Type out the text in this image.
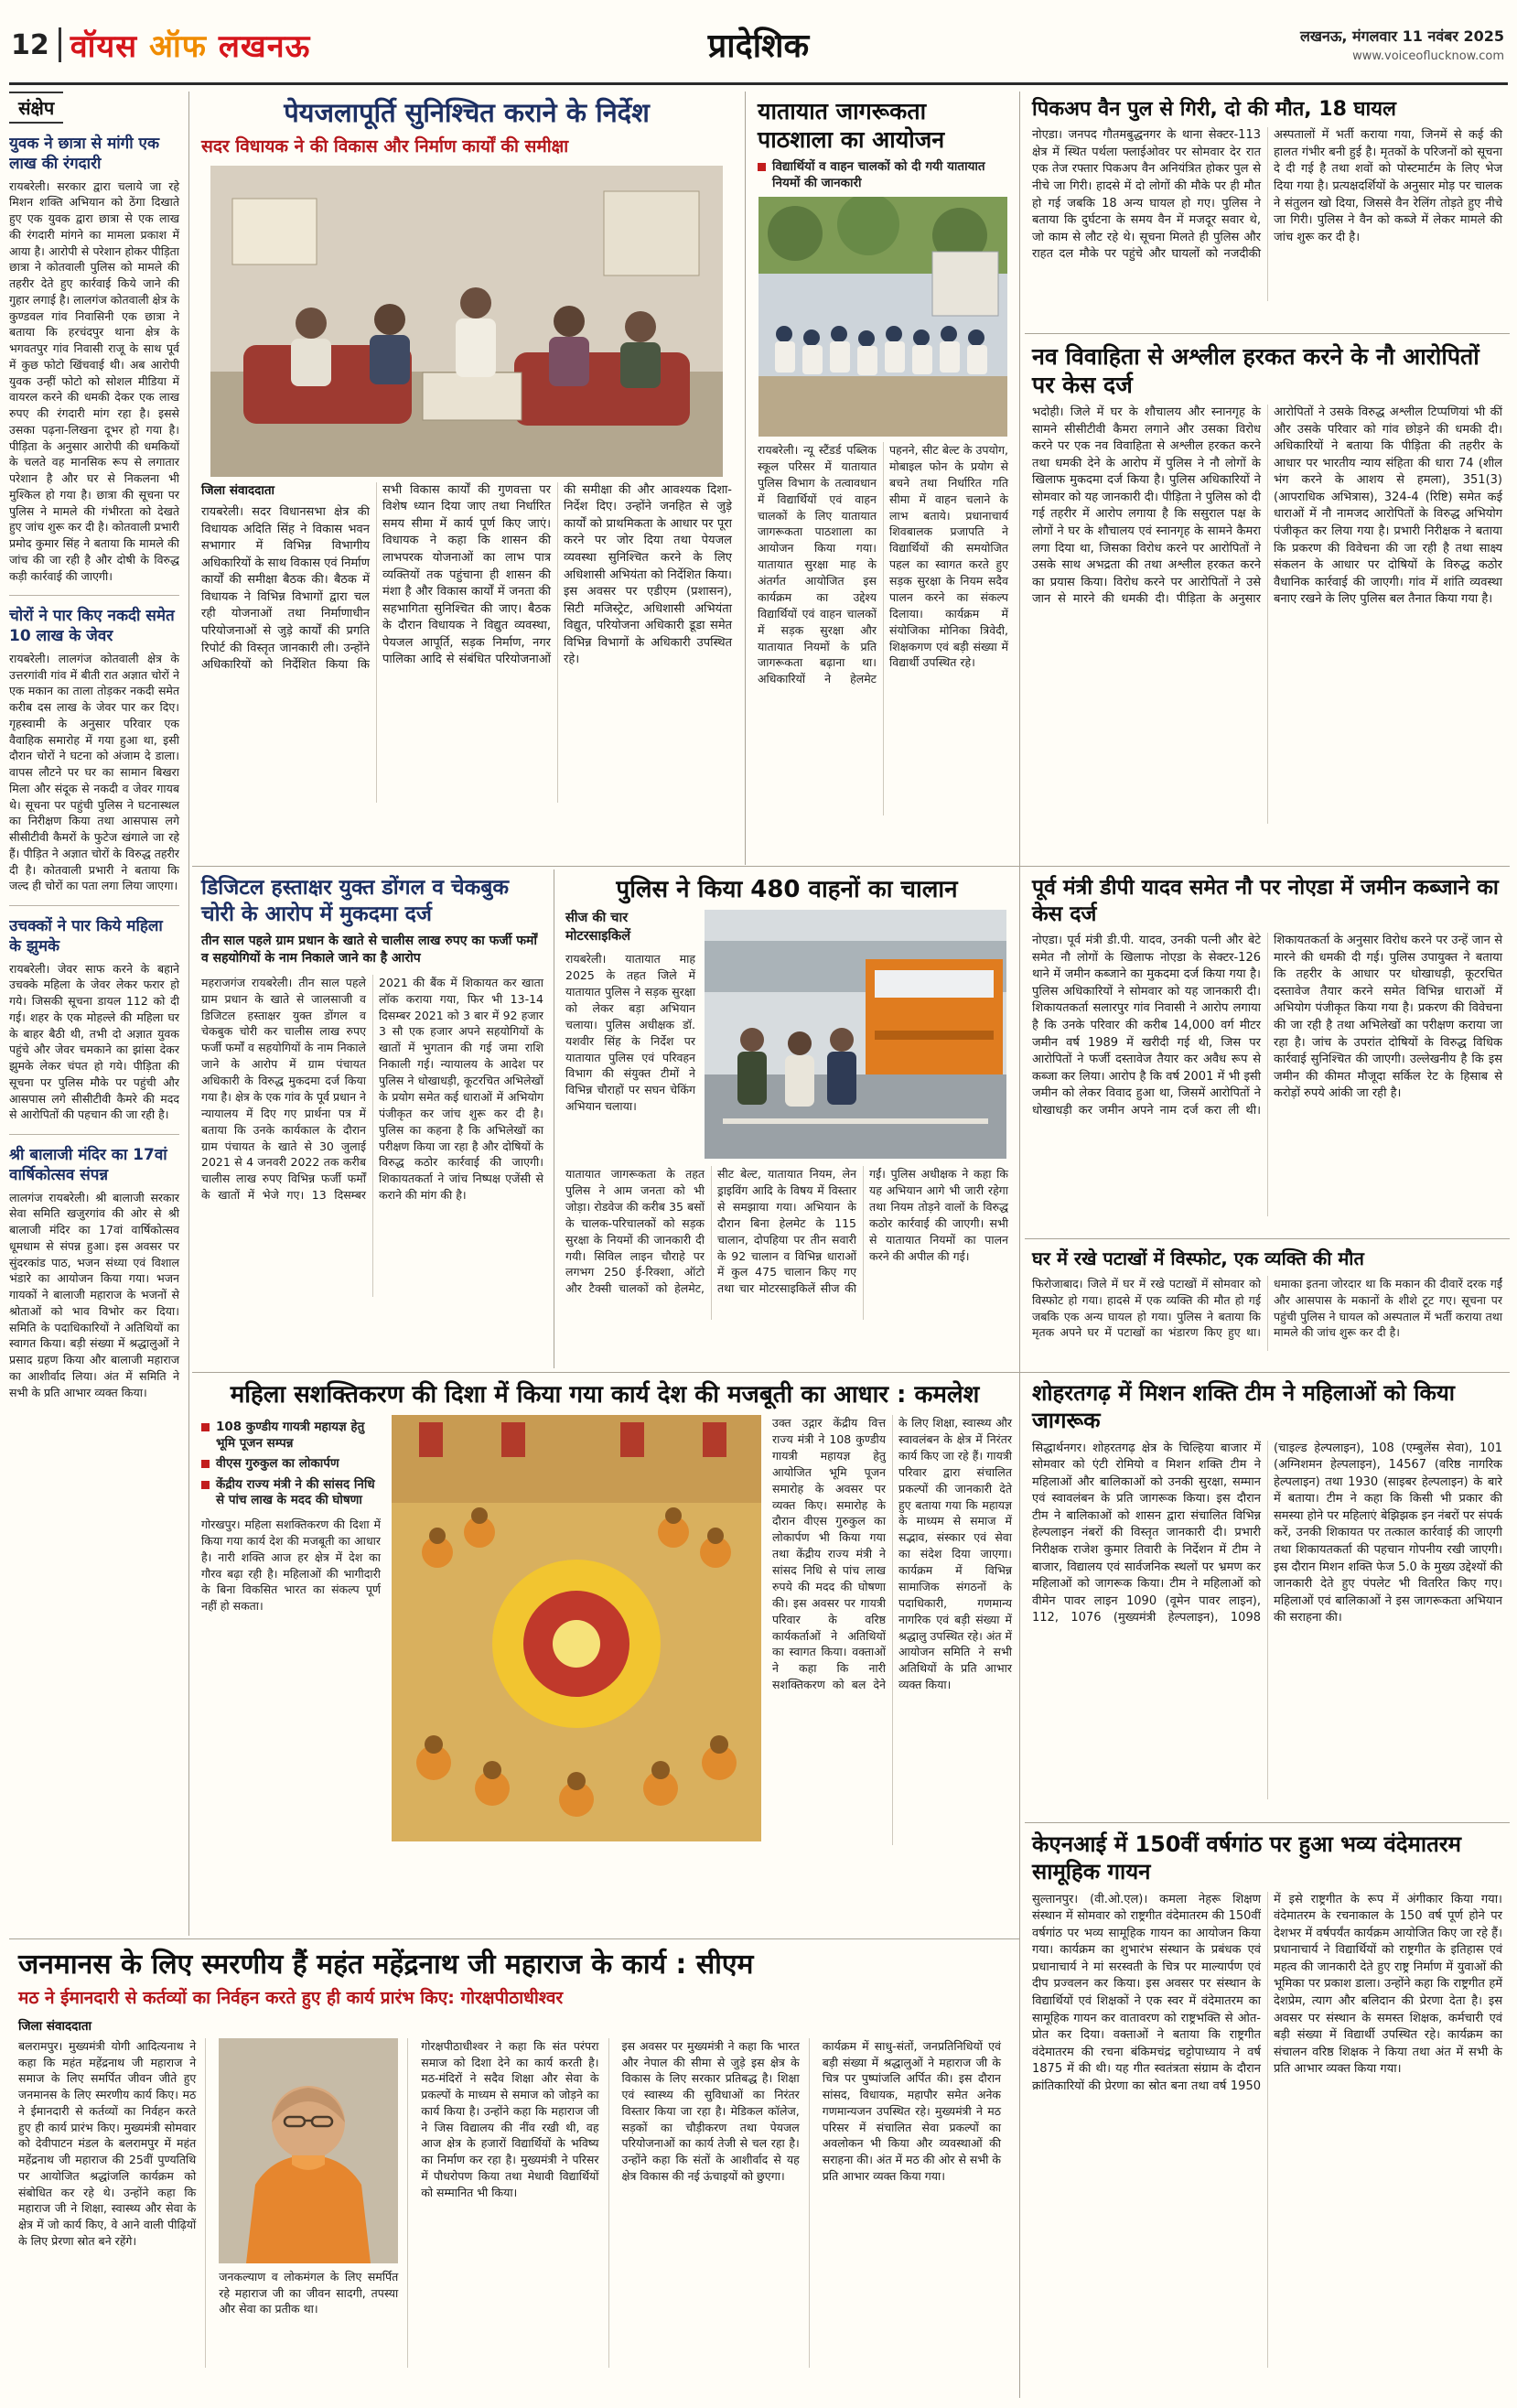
12 वॉयस ऑफ लखनऊ	प्रादेशिक	लखनऊ, मंगलवार 11 नवंबर 2025
www.voiceoflucknow.com
संक्षेप
युवक ने छात्रा से मांगी एक लाख की रंगदारी
रायबरेली। सरकार द्वारा चलाये जा रहे मिशन शक्ति अभियान को ठेंगा दिखाते हुए एक युवक द्वारा छात्रा से एक लाख की रंगदारी मांगने का मामला प्रकाश में आया है। आरोपी से परेशान होकर पीड़िता छात्रा ने कोतवाली पुलिस को मामले की तहरीर देते हुए कार्रवाई किये जाने की गुहार लगाई है। लालगंज कोतवाली क्षेत्र के कुण्डवल गांव निवासिनी एक छात्रा ने बताया कि हरचंदपुर थाना क्षेत्र के भगवतपुर गांव निवासी राजू के साथ पूर्व में कुछ फोटो खिंचवाई थी। अब आरोपी युवक उन्हीं फोटो को सोशल मीडिया में वायरल करने की धमकी देकर एक लाख रुपए की रंगदारी मांग रहा है। इससे उसका पढ़ना-लिखना दूभर हो गया है। पीड़िता के अनुसार आरोपी की धमकियों के चलते वह मानसिक रूप से लगातार परेशान है और घर से निकलना भी मुश्किल हो गया है। छात्रा की सूचना पर पुलिस ने मामले की गंभीरता को देखते हुए जांच शुरू कर दी है। कोतवाली प्रभारी प्रमोद कुमार सिंह ने बताया कि मामले की जांच की जा रही है और दोषी के विरुद्ध कड़ी कार्रवाई की जाएगी।
चोरों ने पार किए नकदी समेत 10 लाख के जेवर
रायबरेली। लालगंज कोतवाली क्षेत्र के उत्तरगांवी गांव में बीती रात अज्ञात चोरों ने एक मकान का ताला तोड़कर नकदी समेत करीब दस लाख के जेवर पार कर दिए। गृहस्वामी के अनुसार परिवार एक वैवाहिक समारोह में गया हुआ था, इसी दौरान चोरों ने घटना को अंजाम दे डाला। वापस लौटने पर घर का सामान बिखरा मिला और संदूक से नकदी व जेवर गायब थे। सूचना पर पहुंची पुलिस ने घटनास्थल का निरीक्षण किया तथा आसपास लगे सीसीटीवी कैमरों के फुटेज खंगाले जा रहे हैं। पीड़ित ने अज्ञात चोरों के विरुद्ध तहरीर दी है। कोतवाली प्रभारी ने बताया कि जल्द ही चोरों का पता लगा लिया जाएगा।
उचक्कों ने पार किये महिला के झुमके
रायबरेली। जेवर साफ करने के बहाने उचक्के महिला के जेवर लेकर फरार हो गये। जिसकी सूचना डायल 112 को दी गई। शहर के एक मोहल्ले की महिला घर के बाहर बैठी थी, तभी दो अज्ञात युवक पहुंचे और जेवर चमकाने का झांसा देकर झुमके लेकर चंपत हो गये। पीड़िता की सूचना पर पुलिस मौके पर पहुंची और आसपास लगे सीसीटीवी कैमरे की मदद से आरोपितों की पहचान की जा रही है।
श्री बालाजी मंदिर का 17वां वार्षिकोत्सव संपन्न
लालगंज रायबरेली। श्री बालाजी सरकार सेवा समिति खजुरगांव की ओर से श्री बालाजी मंदिर का 17वां वार्षिकोत्सव धूमधाम से संपन्न हुआ। इस अवसर पर सुंदरकांड पाठ, भजन संध्या एवं विशाल भंडारे का आयोजन किया गया। भजन गायकों ने बालाजी महाराज के भजनों से श्रोताओं को भाव विभोर कर दिया। समिति के पदाधिकारियों ने अतिथियों का स्वागत किया। बड़ी संख्या में श्रद्धालुओं ने प्रसाद ग्रहण किया और बालाजी महाराज का आशीर्वाद लिया। अंत में समिति ने सभी के प्रति आभार व्यक्त किया।
पेयजलापूर्ति सुनिश्चित कराने के निर्देश
सदर विधायक ने की विकास और निर्माण कार्यों की समीक्षा
जिला संवाददाता
रायबरेली। सदर विधानसभा क्षेत्र की विधायक अदिति सिंह ने विकास भवन सभागार में विभिन्न विभागीय अधिकारियों के साथ विकास एवं निर्माण कार्यों की समीक्षा बैठक की। बैठक में विधायक ने विभिन्न विभागों द्वारा चल रही योजनाओं तथा निर्माणाधीन परियोजनाओं से जुड़े कार्यों की प्रगति रिपोर्ट की विस्तृत जानकारी ली। उन्होंने अधिकारियों को निर्देशित किया कि सभी विकास कार्यों की गुणवत्ता पर विशेष ध्यान दिया जाए तथा निर्धारित समय सीमा में कार्य पूर्ण किए जाएं। विधायक ने कहा कि शासन की लाभपरक योजनाओं का लाभ पात्र व्यक्तियों तक पहुंचाना ही शासन की मंशा है और विकास कार्यों में जनता की सहभागिता सुनिश्चित की जाए। बैठक के दौरान विधायक ने विद्युत व्यवस्था, पेयजल आपूर्ति, सड़क निर्माण, नगर पालिका आदि से संबंधित परियोजनाओं की समीक्षा की और आवश्यक दिशा-निर्देश दिए। उन्होंने जनहित से जुड़े कार्यों को प्राथमिकता के आधार पर पूरा करने पर जोर दिया तथा पेयजल व्यवस्था सुनिश्चित करने के लिए अधिशासी अभियंता को निर्देशित किया। इस अवसर पर एडीएम (प्रशासन), सिटी मजिस्ट्रेट, अधिशासी अभियंता विद्युत, परियोजना अधिकारी डूडा समेत विभिन्न विभागों के अधिकारी उपस्थित रहे।
यातायात जागरूकता पाठशाला का आयोजन
विद्यार्थियों व वाहन चालकों को दी गयी यातायात नियमों की जानकारी
रायबरेली। न्यू स्टैंडर्ड पब्लिक स्कूल परिसर में यातायात पुलिस विभाग के तत्वावधान में विद्यार्थियों एवं वाहन चालकों के लिए यातायात जागरूकता पाठशाला का आयोजन किया गया। यातायात सुरक्षा माह के अंतर्गत आयोजित इस कार्यक्रम का उद्देश्य विद्यार्थियों एवं वाहन चालकों में सड़क सुरक्षा और यातायात नियमों के प्रति जागरूकता बढ़ाना था। अधिकारियों ने हेलमेट पहनने, सीट बेल्ट के उपयोग, मोबाइल फोन के प्रयोग से बचने तथा निर्धारित गति सीमा में वाहन चलाने के लाभ बताये। प्रधानाचार्य शिवबालक प्रजापति ने विद्यार्थियों की समयोजित पहल का स्वागत करते हुए सड़क सुरक्षा के नियम सदैव पालन करने का संकल्प दिलाया। कार्यक्रम में संयोजिका मोनिका त्रिवेदी, शिक्षकगण एवं बड़ी संख्या में विद्यार्थी उपस्थित रहे।
पिकअप वैन पुल से गिरी, दो की मौत, 18 घायल
नोएडा। जनपद गौतमबुद्धनगर के थाना सेक्टर-113 क्षेत्र में स्थित पर्थला फ्लाईओवर पर सोमवार देर रात एक तेज रफ्तार पिकअप वैन अनियंत्रित होकर पुल से नीचे जा गिरी। हादसे में दो लोगों की मौके पर ही मौत हो गई जबकि 18 अन्य घायल हो गए। पुलिस ने बताया कि दुर्घटना के समय वैन में मजदूर सवार थे, जो काम से लौट रहे थे। सूचना मिलते ही पुलिस और राहत दल मौके पर पहुंचे और घायलों को नजदीकी अस्पतालों में भर्ती कराया गया, जिनमें से कई की हालत गंभीर बनी हुई है। मृतकों के परिजनों को सूचना दे दी गई है तथा शवों को पोस्टमार्टम के लिए भेज दिया गया है। प्रत्यक्षदर्शियों के अनुसार मोड़ पर चालक ने संतुलन खो दिया, जिससे वैन रेलिंग तोड़ते हुए नीचे जा गिरी। पुलिस ने वैन को कब्जे में लेकर मामले की जांच शुरू कर दी है।
नव विवाहिता से अश्लील हरकत करने के नौ आरोपितों पर केस दर्ज
भदोही। जिले में घर के शौचालय और स्नानगृह के सामने सीसीटीवी कैमरा लगाने और उसका विरोध करने पर एक नव विवाहिता से अश्लील हरकत करने तथा धमकी देने के आरोप में पुलिस ने नौ लोगों के खिलाफ मुकदमा दर्ज किया है। पुलिस अधिकारियों ने सोमवार को यह जानकारी दी। पीड़िता ने पुलिस को दी गई तहरीर में आरोप लगाया है कि ससुराल पक्ष के लोगों ने घर के शौचालय एवं स्नानगृह के सामने कैमरा लगा दिया था, जिसका विरोध करने पर आरोपितों ने उसके साथ अभद्रता की तथा अश्लील हरकत करने का प्रयास किया। विरोध करने पर आरोपितों ने उसे जान से मारने की धमकी दी। पीड़िता के अनुसार आरोपितों ने उसके विरुद्ध अश्लील टिप्पणियां भी कीं और उसके परिवार को गांव छोड़ने की धमकी दी। अधिकारियों ने बताया कि पीड़िता की तहरीर के आधार पर भारतीय न्याय संहिता की धारा 74 (शील भंग करने के आशय से हमला), 351(3) (आपराधिक अभित्रास), 324-4 (रिष्टि) समेत कई धाराओं में नौ नामजद आरोपितों के विरुद्ध अभियोग पंजीकृत कर लिया गया है। प्रभारी निरीक्षक ने बताया कि प्रकरण की विवेचना की जा रही है तथा साक्ष्य संकलन के आधार पर दोषियों के विरुद्ध कठोर वैधानिक कार्रवाई की जाएगी। गांव में शांति व्यवस्था बनाए रखने के लिए पुलिस बल तैनात किया गया है।
डिजिटल हस्ताक्षर युक्त डोंगल व चेकबुक चोरी के आरोप में मुकदमा दर्ज
तीन साल पहले ग्राम प्रधान के खाते से चालीस लाख रुपए का फर्जी फर्मों व सहयोगियों के नाम निकाले जाने का है आरोप
महराजगंज रायबरेली। तीन साल पहले ग्राम प्रधान के खाते से जालसाजी व डिजिटल हस्ताक्षर युक्त डोंगल व चेकबुक चोरी कर चालीस लाख रुपए फर्जी फर्मों व सहयोगियों के नाम निकाले जाने के आरोप में ग्राम पंचायत अधिकारी के विरुद्ध मुकदमा दर्ज किया गया है। क्षेत्र के एक गांव के पूर्व प्रधान ने न्यायालय में दिए गए प्रार्थना पत्र में बताया कि उनके कार्यकाल के दौरान ग्राम पंचायत के खाते से 30 जुलाई 2021 से 4 जनवरी 2022 तक करीब चालीस लाख रुपए विभिन्न फर्जी फर्मों के खातों में भेजे गए। 13 दिसम्बर 2021 की बैंक में शिकायत कर खाता लॉक कराया गया, फिर भी 13-14 दिसम्बर 2021 को 3 बार में 92 हजार 3 सौ एक हजार अपने सहयोगियों के खातों में भुगतान की गई जमा राशि निकाली गई। न्यायालय के आदेश पर पुलिस ने धोखाधड़ी, कूटरचित अभिलेखों के प्रयोग समेत कई धाराओं में अभियोग पंजीकृत कर जांच शुरू कर दी है। पुलिस का कहना है कि अभिलेखों का परीक्षण किया जा रहा है और दोषियों के विरुद्ध कठोर कार्रवाई की जाएगी। शिकायतकर्ता ने जांच निष्पक्ष एजेंसी से कराने की मांग की है।
पुलिस ने किया 480 वाहनों का चालान
सीज की चार मोटरसाइकिलें
रायबरेली। यातायात माह 2025 के तहत जिले में यातायात पुलिस ने सड़क सुरक्षा को लेकर बड़ा अभियान चलाया। पुलिस अधीक्षक डॉ. यशवीर सिंह के निर्देश पर यातायात पुलिस एवं परिवहन विभाग की संयुक्त टीमों ने विभिन्न चौराहों पर सघन चेकिंग अभियान चलाया।
यातायात जागरूकता के तहत पुलिस ने आम जनता को भी जोड़ा। रोडवेज की करीब 35 बसों के चालक-परिचालकों को सड़क सुरक्षा के नियमों की जानकारी दी गयी। सिविल लाइन चौराहे पर लगभग 250 ई-रिक्शा, ऑटो और टैक्सी चालकों को हेलमेट, सीट बेल्ट, यातायात नियम, लेन ड्राइविंग आदि के विषय में विस्तार से समझाया गया। अभियान के दौरान बिना हेलमेट के 115 चालान, दोपहिया पर तीन सवारी के 92 चालान व विभिन्न धाराओं में कुल 475 चालान किए गए तथा चार मोटरसाइकिलें सीज की गईं। पुलिस अधीक्षक ने कहा कि यह अभियान आगे भी जारी रहेगा तथा नियम तोड़ने वालों के विरुद्ध कठोर कार्रवाई की जाएगी। सभी से यातायात नियमों का पालन करने की अपील की गई।
पूर्व मंत्री डीपी यादव समेत नौ पर नोएडा में जमीन कब्जाने का केस दर्ज
नोएडा। पूर्व मंत्री डी.पी. यादव, उनकी पत्नी और बेटे समेत नौ लोगों के खिलाफ नोएडा के सेक्टर-126 थाने में जमीन कब्जाने का मुकदमा दर्ज किया गया है। पुलिस अधिकारियों ने सोमवार को यह जानकारी दी। शिकायतकर्ता सलारपुर गांव निवासी ने आरोप लगाया है कि उनके परिवार की करीब 14,000 वर्ग मीटर जमीन वर्ष 1989 में खरीदी गई थी, जिस पर आरोपितों ने फर्जी दस्तावेज तैयार कर अवैध रूप से कब्जा कर लिया। आरोप है कि वर्ष 2001 में भी इसी जमीन को लेकर विवाद हुआ था, जिसमें आरोपितों ने धोखाधड़ी कर जमीन अपने नाम दर्ज करा ली थी। शिकायतकर्ता के अनुसार विरोध करने पर उन्हें जान से मारने की धमकी दी गई। पुलिस उपायुक्त ने बताया कि तहरीर के आधार पर धोखाधड़ी, कूटरचित दस्तावेज तैयार करने समेत विभिन्न धाराओं में अभियोग पंजीकृत किया गया है। प्रकरण की विवेचना की जा रही है तथा अभिलेखों का परीक्षण कराया जा रहा है। जांच के उपरांत दोषियों के विरुद्ध विधिक कार्रवाई सुनिश्चित की जाएगी। उल्लेखनीय है कि इस जमीन की कीमत मौजूदा सर्किल रेट के हिसाब से करोड़ों रुपये आंकी जा रही है।
घर में रखे पटाखों में विस्फोट, एक व्यक्ति की मौत
फिरोजाबाद। जिले में घर में रखे पटाखों में सोमवार को विस्फोट हो गया। हादसे में एक व्यक्ति की मौत हो गई जबकि एक अन्य घायल हो गया। पुलिस ने बताया कि मृतक अपने घर में पटाखों का भंडारण किए हुए था। धमाका इतना जोरदार था कि मकान की दीवारें दरक गईं और आसपास के मकानों के शीशे टूट गए। सूचना पर पहुंची पुलिस ने घायल को अस्पताल में भर्ती कराया तथा मामले की जांच शुरू कर दी है।
महिला सशक्तिकरण की दिशा में किया गया कार्य देश की मजबूती का आधार : कमलेश
108 कुण्डीय गायत्री महायज्ञ हेतु भूमि पूजन सम्पन्न
वीएस गुरुकुल का लोकार्पण
केंद्रीय राज्य मंत्री ने की सांसद निधि से पांच लाख के मदद की घोषणा
गोरखपुर। महिला सशक्तिकरण की दिशा में किया गया कार्य देश की मजबूती का आधार है। नारी शक्ति आज हर क्षेत्र में देश का गौरव बढ़ा रही है। महिलाओं की भागीदारी के बिना विकसित भारत का संकल्प पूर्ण नहीं हो सकता।
उक्त उद्गार केंद्रीय वित्त राज्य मंत्री ने 108 कुण्डीय गायत्री महायज्ञ हेतु आयोजित भूमि पूजन समारोह के अवसर पर व्यक्त किए। समारोह के दौरान वीएस गुरुकुल का लोकार्पण भी किया गया तथा केंद्रीय राज्य मंत्री ने सांसद निधि से पांच लाख रुपये की मदद की घोषणा की। इस अवसर पर गायत्री परिवार के वरिष्ठ कार्यकर्ताओं ने अतिथियों का स्वागत किया। वक्ताओं ने कहा कि नारी सशक्तिकरण को बल देने के लिए शिक्षा, स्वास्थ्य और स्वावलंबन के क्षेत्र में निरंतर कार्य किए जा रहे हैं। गायत्री परिवार द्वारा संचालित प्रकल्पों की जानकारी देते हुए बताया गया कि महायज्ञ के माध्यम से समाज में सद्भाव, संस्कार एवं सेवा का संदेश दिया जाएगा। कार्यक्रम में विभिन्न सामाजिक संगठनों के पदाधिकारी, गणमान्य नागरिक एवं बड़ी संख्या में श्रद्धालु उपस्थित रहे। अंत में आयोजन समिति ने सभी अतिथियों के प्रति आभार व्यक्त किया।
शोहरतगढ़ में मिशन शक्ति टीम ने महिलाओं को किया जागरूक
सिद्धार्थनगर। शोहरतगढ़ क्षेत्र के चिल्हिया बाजार में सोमवार को एंटी रोमियो व मिशन शक्ति टीम ने महिलाओं और बालिकाओं को उनकी सुरक्षा, सम्मान एवं स्वावलंबन के प्रति जागरूक किया। इस दौरान टीम ने बालिकाओं को शासन द्वारा संचालित विभिन्न हेल्पलाइन नंबरों की विस्तृत जानकारी दी। प्रभारी निरीक्षक राजेश कुमार तिवारी के निर्देशन में टीम ने बाजार, विद्यालय एवं सार्वजनिक स्थलों पर भ्रमण कर महिलाओं को जागरूक किया। टीम ने महिलाओं को वीमेन पावर लाइन 1090 (वूमेन पावर लाइन), 112, 1076 (मुख्यमंत्री हेल्पलाइन), 1098 (चाइल्ड हेल्पलाइन), 108 (एम्बुलेंस सेवा), 101 (अग्निशमन हेल्पलाइन), 14567 (वरिष्ठ नागरिक हेल्पलाइन) तथा 1930 (साइबर हेल्पलाइन) के बारे में बताया। टीम ने कहा कि किसी भी प्रकार की समस्या होने पर महिलाएं बेझिझक इन नंबरों पर संपर्क करें, उनकी शिकायत पर तत्काल कार्रवाई की जाएगी तथा शिकायतकर्ता की पहचान गोपनीय रखी जाएगी। इस दौरान मिशन शक्ति फेज 5.0 के मुख्य उद्देश्यों की जानकारी देते हुए पंपलेट भी वितरित किए गए। महिलाओं एवं बालिकाओं ने इस जागरूकता अभियान की सराहना की।
केएनआई में 150वीं वर्षगांठ पर हुआ भव्य वंदेमातरम सामूहिक गायन
सुल्तानपुर। (वी.ओ.एल)। कमला नेहरू शिक्षण संस्थान में सोमवार को राष्ट्रगीत वंदेमातरम की 150वीं वर्षगांठ पर भव्य सामूहिक गायन का आयोजन किया गया। कार्यक्रम का शुभारंभ संस्थान के प्रबंधक एवं प्रधानाचार्य ने मां सरस्वती के चित्र पर माल्यार्पण एवं दीप प्रज्वलन कर किया। इस अवसर पर संस्थान के विद्यार्थियों एवं शिक्षकों ने एक स्वर में वंदेमातरम का सामूहिक गायन कर वातावरण को राष्ट्रभक्ति से ओत-प्रोत कर दिया। वक्ताओं ने बताया कि राष्ट्रगीत वंदेमातरम की रचना बंकिमचंद्र चट्टोपाध्याय ने वर्ष 1875 में की थी। यह गीत स्वतंत्रता संग्राम के दौरान क्रांतिकारियों की प्रेरणा का स्रोत बना तथा वर्ष 1950 में इसे राष्ट्रगीत के रूप में अंगीकार किया गया। वंदेमातरम के रचनाकाल के 150 वर्ष पूर्ण होने पर देशभर में वर्षपर्यंत कार्यक्रम आयोजित किए जा रहे हैं। प्रधानाचार्य ने विद्यार्थियों को राष्ट्रगीत के इतिहास एवं महत्व की जानकारी देते हुए राष्ट्र निर्माण में युवाओं की भूमिका पर प्रकाश डाला। उन्होंने कहा कि राष्ट्रगीत हमें देशप्रेम, त्याग और बलिदान की प्रेरणा देता है। इस अवसर पर संस्थान के समस्त शिक्षक, कर्मचारी एवं बड़ी संख्या में विद्यार्थी उपस्थित रहे। कार्यक्रम का संचालन वरिष्ठ शिक्षक ने किया तथा अंत में सभी के प्रति आभार व्यक्त किया गया।
जनमानस के लिए स्मरणीय हैं महंत महेंद्रनाथ जी महाराज के कार्य : सीएम
मठ ने ईमानदारी से कर्तव्यों का निर्वहन करते हुए ही कार्य प्रारंभ किए: गोरक्षपीठाधीश्वर
जिला संवाददाता
बलरामपुर। मुख्यमंत्री योगी आदित्यनाथ ने कहा कि महंत महेंद्रनाथ जी महाराज ने समाज के लिए समर्पित जीवन जीते हुए जनमानस के लिए स्मरणीय कार्य किए। मठ ने ईमानदारी से कर्तव्यों का निर्वहन करते हुए ही कार्य प्रारंभ किए। मुख्यमंत्री सोमवार को देवीपाटन मंडल के बलरामपुर में महंत महेंद्रनाथ जी महाराज की 25वीं पुण्यतिथि पर आयोजित श्रद्धांजलि कार्यक्रम को संबोधित कर रहे थे। उन्होंने कहा कि महाराज जी ने शिक्षा, स्वास्थ्य और सेवा के क्षेत्र में जो कार्य किए, वे आने वाली पीढ़ियों के लिए प्रेरणा स्रोत बने रहेंगे।
जनकल्याण व लोकमंगल के लिए समर्पित रहे महाराज जी का जीवन सादगी, तपस्या और सेवा का प्रतीक था।
गोरक्षपीठाधीश्वर ने कहा कि संत परंपरा समाज को दिशा देने का कार्य करती है। मठ-मंदिरों ने सदैव शिक्षा और सेवा के प्रकल्पों के माध्यम से समाज को जोड़ने का कार्य किया है। उन्होंने कहा कि महाराज जी ने जिस विद्यालय की नींव रखी थी, वह आज क्षेत्र के हजारों विद्यार्थियों के भविष्य का निर्माण कर रहा है। मुख्यमंत्री ने परिसर में पौधरोपण किया तथा मेधावी विद्यार्थियों को सम्मानित भी किया।
इस अवसर पर मुख्यमंत्री ने कहा कि भारत और नेपाल की सीमा से जुड़े इस क्षेत्र के विकास के लिए सरकार प्रतिबद्ध है। शिक्षा एवं स्वास्थ्य की सुविधाओं का निरंतर विस्तार किया जा रहा है। मेडिकल कॉलेज, सड़कों का चौड़ीकरण तथा पेयजल परियोजनाओं का कार्य तेजी से चल रहा है। उन्होंने कहा कि संतों के आशीर्वाद से यह क्षेत्र विकास की नई ऊंचाइयों को छुएगा।
कार्यक्रम में साधु-संतों, जनप्रतिनिधियों एवं बड़ी संख्या में श्रद्धालुओं ने महाराज जी के चित्र पर पुष्पांजलि अर्पित की। इस दौरान सांसद, विधायक, महापौर समेत अनेक गणमान्यजन उपस्थित रहे। मुख्यमंत्री ने मठ परिसर में संचालित सेवा प्रकल्पों का अवलोकन भी किया और व्यवस्थाओं की सराहना की। अंत में मठ की ओर से सभी के प्रति आभार व्यक्त किया गया।
